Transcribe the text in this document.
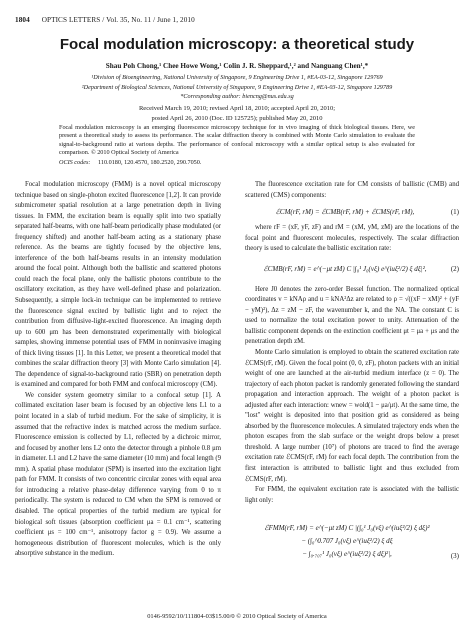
1804 OPTICS LETTERS / Vol. 35, No. 11 / June 1, 2010
Focal modulation microscopy: a theoretical study
Shau Poh Chong,¹ Chee Howe Wong,¹ Colin J. R. Sheppard,¹,² and Nanguang Chen¹,*
¹Division of Bioengineering, National University of Singapore, 9 Engineering Drive 1, #EA-03-12, Singapore 129769
²Department of Biological Sciences, National University of Singapore, 9 Engineering Drive 1, #EA-03-12, Singapore 129789
*Corresponding author: biencng@nus.edu.sg
Received March 19, 2010; revised April 18, 2010; accepted April 20, 2010;
posted April 26, 2010 (Doc. ID 125725); published May 20, 2010
Focal modulation microscopy is an emerging fluorescence microscopy technique for in vivo imaging of thick biological tissues. Here, we present a theoretical study to assess its performance. The scalar diffraction theory is combined with Monte Carlo simulation to evaluate the signal-to-background ratio at various depths. The performance of confocal microscopy with a similar optical setup is also evaluated for comparison. © 2010 Optical Society of America
OCIS codes: 110.0180, 120.4570, 180.2520, 290.7050.

Focal modulation microscopy (FMM) is a novel optical microscopy technique based on single-photon excited fluorescence [1,2]. It can provide submicrometer spatial resolution at a large penetration depth in living tissues. In FMM, the excitation beam is equally split into two spatially separated half-beams, with one half-beam periodically phase modulated (or frequency shifted) and another half-beam acting as a stationary phase reference. As the beams are tightly focused by the objective lens, interference of the both half-beams results in an intensity modulation around the focal point. Although both the ballistic and scattered photons could reach the focal plane, only the ballistic photons contribute to the oscillatory excitation, as they have well-defined phase and polarization. Subsequently, a simple lock-in technique can be implemented to retrieve the fluorescence signal excited by ballistic light and to reject the contribution from diffusive-light-excited fluorescence. An imaging depth up to 600 μm has been demonstrated experimentally with biological samples, showing immense potential uses of FMM in noninvasive imaging of thick living tissues [1]. In this Letter, we present a theoretical model that combines the scalar diffraction theory [3] with Monte Carlo simulation [4]. The dependence of signal-to-background ratio (SBR) on penetration depth is examined and compared for both FMM and confocal microscopy (CM).

We consider system geometry similar to a confocal setup [1]. A collimated excitation laser beam is focused by an objective lens L1 to a point located in a slab of turbid medium. For the sake of simplicity, it is assumed that the refractive index is matched across the medium surface. Fluorescence emission is collected by L1, reflected by a dichroic mirror, and focused by another lens L2 onto the detector through a pinhole 0.8 μm in diameter. L1 and L2 have the same diameter (10 mm) and focal length (9 mm). A spatial phase modulator (SPM) is inserted into the excitation light path for FMM. It consists of two concentric circular zones with equal area for introducing a relative phase-delay difference varying from 0 to π periodically. The system is reduced to CM when the SPM is removed or disabled. The optical properties of the turbid medium are typical for biological soft tissues (absorption coefficient μa = 0.1 cm⁻¹, scattering coefficient μs = 100 cm⁻¹, anisotropy factor g = 0.9). We assume a homogeneous distribution of fluorescent molecules, which is the only absorptive substance in the medium.

The fluorescence excitation rate for CM consists of ballistic (CMB) and scattered (CMS) components:

ℰCM(rF, rM) = ℰCMB(rF, rM) + ℰCMS(rF, rM),	(1)

where rF = (xF, yF, zF) and rM = (xM, yM, zM) are the locations of the focal point and fluorescent molecules, respectively. The scalar diffraction theory is used to calculate the ballistic excitation rate:

ℰCMB(rF, rM) = e^(−μt zM) C |∫₀¹ J₀(vξ) e^(iuξ²/2) ξ dξ|²,	(2)

Here J0 denotes the zero-order Bessel function. The normalized optical coordinates v = kNAρ and u = kNA²Δz are related to ρ = √((xF − xM)² + (yF − yM)²), Δz = zM − zF, the wavenumber k, and the NA. The constant C is used to normalize the total excitation power to unity. Attenuation of the ballistic component depends on the extinction coefficient μt = μa + μs and the penetration depth zM.

Monte Carlo simulation is employed to obtain the scattered excitation rate ℰCMS(rF, rM). Given the focal point (0, 0, zF), photon packets with an initial weight of one are launched at the air-turbid medium interface (z = 0). The trajectory of each photon packet is randomly generated following the standard propagation and interaction approach. The weight of a photon packet is adjusted after each interaction: wnew = wold(1 − μa/μt). At the same time, the "lost" weight is deposited into that position grid as considered as being absorbed by the fluorescence molecules. A simulated trajectory ends when the photon escapes from the slab surface or the weight drops below a preset threshold. A large number (10⁷) of photons are traced to find the average excitation rate ℰCMS(rF, rM) for each focal depth. The contribution from the first interaction is attributed to ballistic light and thus excluded from ℰCMS(rF, rM).

For FMM, the equivalent excitation rate is associated with the ballistic light only:

ℰFMM(rF, rM) = e^(−μt zM) C |(∫₀¹ J₀(vξ) e^(iuξ²/2) ξ dξ)²
− (∫₀^0.707 J₀(vξ) e^(iuξ²/2) ξ dξ
− ∫₀.₇₀₇¹ J₀(vξ) e^(iuξ²/2) ξ dξ)²|,	(3)
0146-9592/10/111804-03$15.00/0 © 2010 Optical Society of America
